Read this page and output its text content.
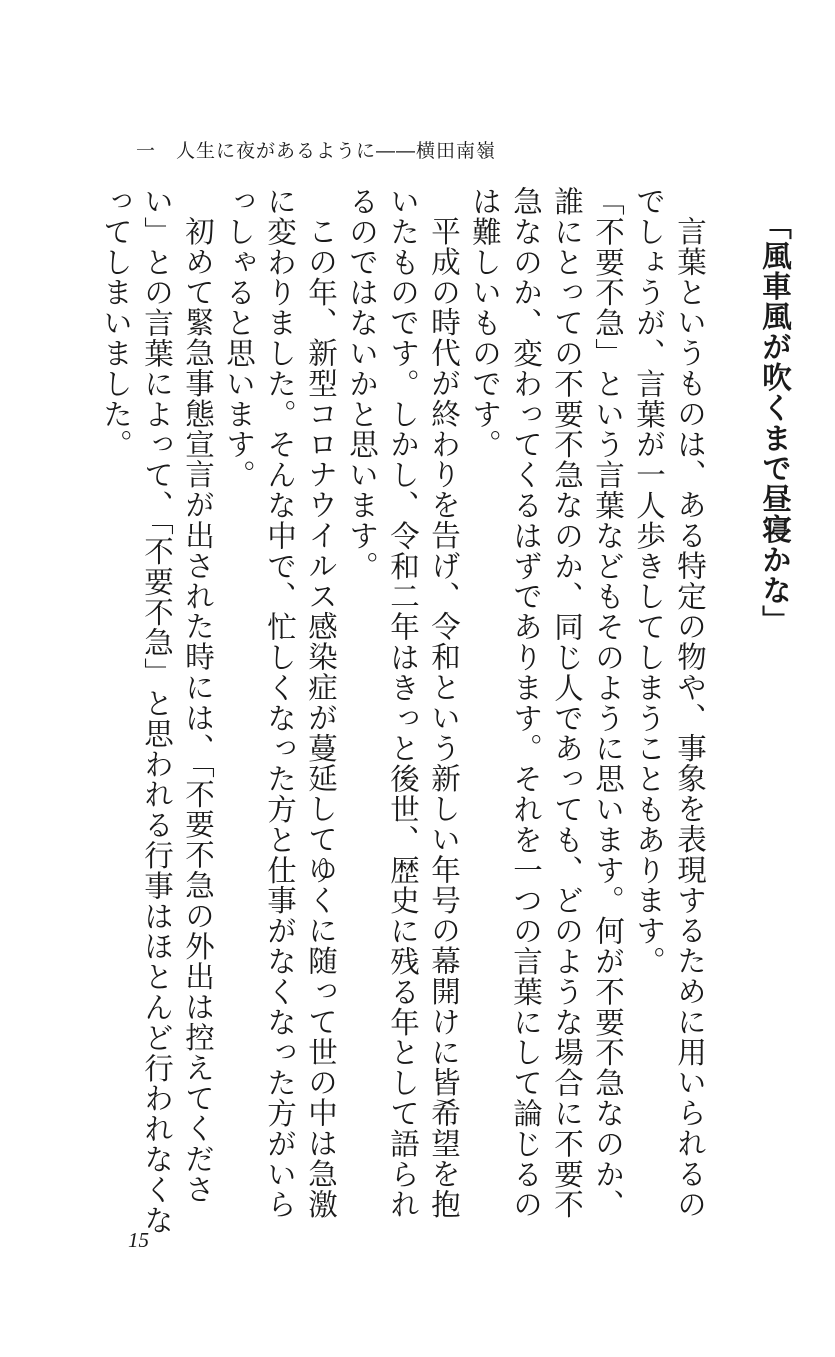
一　人生に夜があるように――横田南嶺

「風車風が吹くまで昼寝かな」

言葉というものは、ある特定の物や、事象を表現するために用いられるのでしょうが、言葉が一人歩きしてしまうこともあります。

「不要不急」という言葉などもそのように思います。何が不要不急なのか、誰にとっての不要不急なのか、同じ人であっても、どのような場合に不要不急なのか、変わってくるはずであります。それを一つの言葉にして論じるのは難しいものです。

平成の時代が終わりを告げ、令和という新しい年号の幕開けに皆希望を抱いたものです。しかし、令和二年はきっと後世、歴史に残る年として語られるのではないかと思います。

この年、新型コロナウイルス感染症が蔓延してゆくに随って世の中は急激に変わりました。そんな中で、忙しくなった方と仕事がなくなった方がいらっしゃると思います。

初めて緊急事態宣言が出された時には、「不要不急の外出は控えてください」との言葉によって、「不要不急」と思われる行事はほとんど行われなくなってしまいました。

15
